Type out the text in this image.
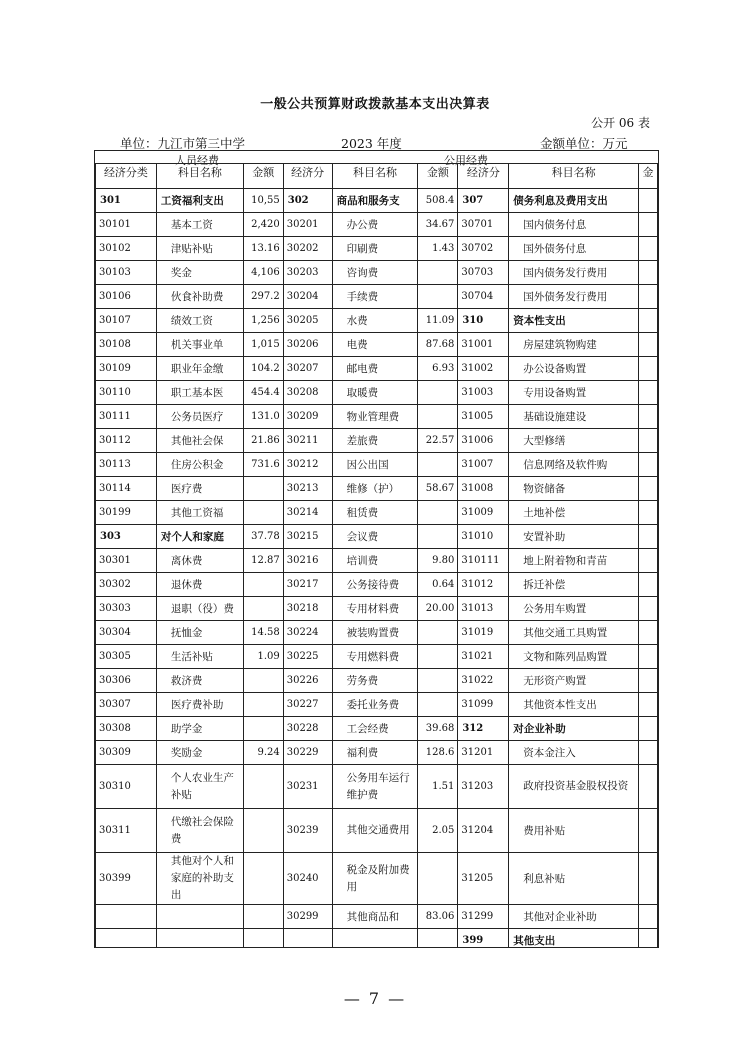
一般公共预算财政拨款基本支出决算表
公开 06 表
单位：九江市第三中学	2023 年度	金额单位：万元
人员经费	公用经费
经济分类	科目名称	金额	经济分	科目名称	金额	经济分	科目名称	金
301	工资福利支出	10,55	302	商品和服务支	508.4	307	债务利息及费用支出	
30101	基本工资	2,420	30201	办公费	34.67	30701	国内债务付息	
30102	津贴补贴	13.16	30202	印刷费	1.43	30702	国外债务付息	
30103	奖金	4,106	30203	咨询费		30703	国内债务发行费用	
30106	伙食补助费	297.2	30204	手续费		30704	国外债务发行费用	
30107	绩效工资	1,256	30205	水费	11.09	310	资本性支出	
30108	机关事业单	1,015	30206	电费	87.68	31001	房屋建筑物购建	
30109	职业年金缴	104.2	30207	邮电费	6.93	31002	办公设备购置	
30110	职工基本医	454.4	30208	取暖费		31003	专用设备购置	
30111	公务员医疗	131.0	30209	物业管理费		31005	基础设施建设	
30112	其他社会保	21.86	30211	差旅费	22.57	31006	大型修缮	
30113	住房公积金	731.6	30212	因公出国		31007	信息网络及软件购	
30114	医疗费		30213	维修（护）	58.67	31008	物资储备	
30199	其他工资福		30214	租赁费		31009	土地补偿	
303	对个人和家庭	37.78	30215	会议费		31010	安置补助	
30301	离休费	12.87	30216	培训费	9.80	310111	地上附着物和青苗	
30302	退休费		30217	公务接待费	0.64	31012	拆迁补偿	
30303	退职（役）费		30218	专用材料费	20.00	31013	公务用车购置	
30304	抚恤金	14.58	30224	被装购置费		31019	其他交通工具购置	
30305	生活补贴	1.09	30225	专用燃料费		31021	文物和陈列品购置	
30306	救济费		30226	劳务费		31022	无形资产购置	
30307	医疗费补助		30227	委托业务费		31099	其他资本性支出	
30308	助学金		30228	工会经费	39.68	312	对企业补助	
30309	奖励金	9.24	30229	福利费	128.6	31201	资本金注入	
30310	个人农业生产补贴		30231	公务用车运行维护费	1.51	31203	政府投资基金股权投资	
30311	代缴社会保险费		30239	其他交通费用	2.05	31204	费用补贴	
30399	其他对个人和家庭的补助支出		30240	税金及附加费用		31205	利息补贴	
			30299	其他商品和	83.06	31299	其他对企业补助	
						399	其他支出	
— 7 —
